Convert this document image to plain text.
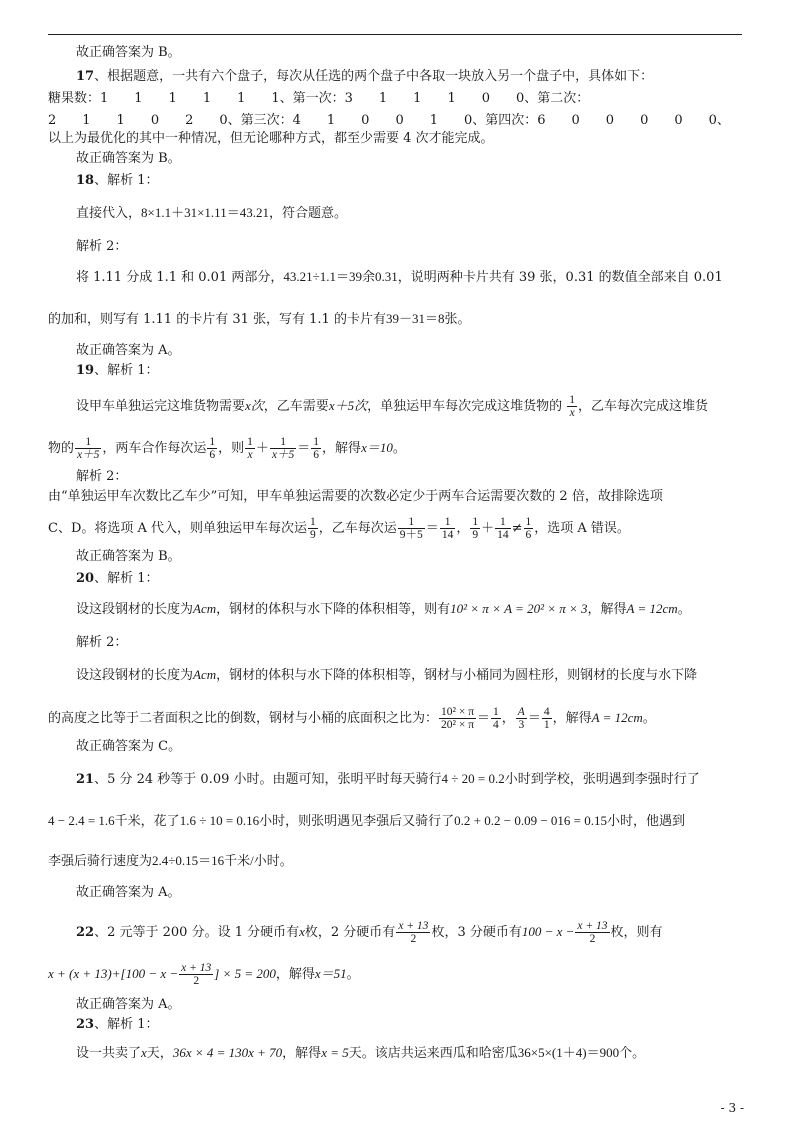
故正确答案为 B。
17、根据题意，一共有六个盘子，每次从任选的两个盘子中各取一块放入另一个盘子中，具体如下：
糖果数：1　　1　　1　　1　　1　　1、第一次：3　　1　　1　　1　　0　　0、第二次：
2　　1　　1　　0　　2　　0、第三次：4　　1　　0　　0　　1　　0、第四次：6　　0　　0　　0　　0　　0、
以上为最优化的其中一种情况，但无论哪种方式，都至少需要 4 次才能完成。
故正确答案为 B。
18、解析 1：
直接代入，8×1.1＋31×1.11＝43.21，符合题意。
解析 2：
将 1.11 分成 1.1 和 0.01 两部分，43.21÷1.1＝39余0.31，说明两种卡片共有 39 张，0.31 的数值全部来自 0.01
的加和，则写有 1.11 的卡片有 31 张，写有 1.1 的卡片有39－31＝8张。
故正确答案为 A。
19、解析 1：
设甲车单独运完这堆货物需要x次，乙车需要x＋5次，单独运甲车每次完成这堆货物的 $\frac{1}{x}$ ，乙车每次完成这堆货
物的 $\frac{1}{x+5}$ ，两车合作每次运 $\frac{1}{6}$ ，则 $\frac{1}{x} + \frac{1}{x+5} = \frac{1}{6}$ ，解得x＝10。
解析 2：
由“单独运甲车次数比乙车少”可知，甲车单独运需要的次数必定少于两车合运需要次数的 2 倍，故排除选项
C、D。将选项 A 代入，则单独运甲车每次运 $\frac{1}{9}$ ，乙车每次运 $\frac{1}{9+5} = \frac{1}{14}$ ， $\frac{1}{9} + \frac{1}{14} \ne \frac{1}{6}$ ，选项 A 错误。
故正确答案为 B。
20、解析 1：
设这段钢材的长度为Acm，钢材的体积与水下降的体积相等，则有10² × π × A = 20² × π × 3，解得A = 12cm。
解析 2：
设这段钢材的长度为Acm，钢材的体积与水下降的体积相等，钢材与小桶同为圆柱形，则钢材的长度与水下降
的高度之比等于二者面积之比的倒数，钢材与小桶的底面积之比为： $\frac{\text{10² × π}}{\text{20² × π}} = \frac{1}{4}$ ， $\frac{A}{3} = \frac{4}{1}$ ，解得A = 12cm。
故正确答案为 C。
21、5 分 24 秒等于 0.09 小时。由题可知，张明平时每天骑行4 ÷ 20 = 0.2小时到学校，张明遇到李强时行了
4 − 2.4 = 1.6千米，花了1.6 ÷ 10 = 0.16小时，则张明遇见李强后又骑行了0.2 + 0.2 − 0.09 − 016 = 0.15小时，他遇到
李强后骑行速度为2.4÷0.15＝16千米/小时。
故正确答案为 A。
22、2 元等于 200 分。设 1 分硬币有x枚，2 分硬币有 $\frac{x + 13}{2}$ 枚，3 分硬币有$100 - x - \frac{x + 13}{2}$ 枚，则有
$x + (x + 13)+[100 - x - \frac{x + 13}{2}$ ] × 5 = 200，解得x＝51。
故正确答案为 A。
23、解析 1：
设一共卖了x天，36x × 4 = 130x + 70，解得x = 5天。该店共运来西瓜和哈密瓜36×5×(1＋4)＝900个。
- 3 -
